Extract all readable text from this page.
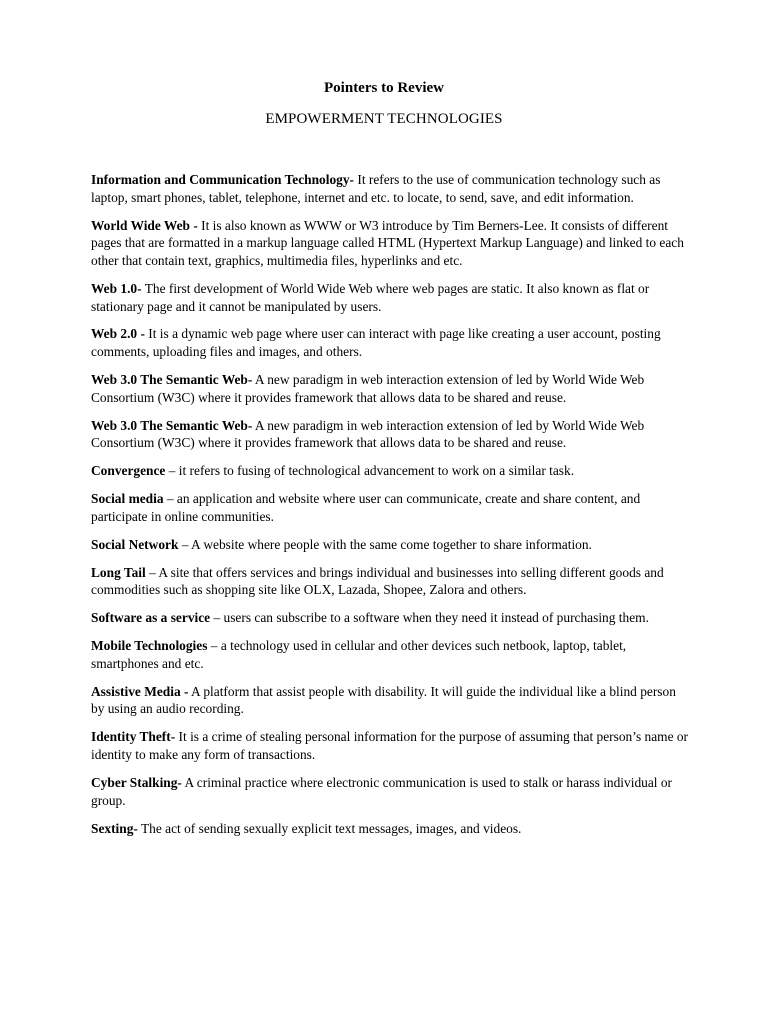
Pointers to Review
EMPOWERMENT TECHNOLOGIES

Information and Communication Technology- It refers to the use of communication technology such as laptop, smart phones, tablet, telephone, internet and etc. to locate, to send, save, and edit information.

World Wide Web - It is also known as WWW or W3 introduce by Tim Berners-Lee. It consists of different pages that are formatted in a markup language called HTML (Hypertext Markup Language) and linked to each other that contain text, graphics, multimedia files, hyperlinks and etc.

Web 1.0- The first development of World Wide Web where web pages are static. It also known as flat or stationary page and it cannot be manipulated by users.

Web 2.0 - It is a dynamic web page where user can interact with page like creating a user account, posting comments, uploading files and images, and others.

Web 3.0 The Semantic Web- A new paradigm in web interaction extension of led by World Wide Web Consortium (W3C) where it provides framework that allows data to be shared and reuse.

Web 3.0 The Semantic Web- A new paradigm in web interaction extension of led by World Wide Web Consortium (W3C) where it provides framework that allows data to be shared and reuse.

Convergence – it refers to fusing of technological advancement to work on a similar task.

Social media – an application and website where user can communicate, create and share content, and participate in online communities.

Social Network – A website where people with the same come together to share information.

Long Tail – A site that offers services and brings individual and businesses into selling different goods and commodities such as shopping site like OLX, Lazada, Shopee, Zalora and others.

Software as a service – users can subscribe to a software when they need it instead of purchasing them.

Mobile Technologies – a technology used in cellular and other devices such netbook, laptop, tablet, smartphones and etc.

Assistive Media - A platform that assist people with disability. It will guide the individual like a blind person by using an audio recording.

Identity Theft- It is a crime of stealing personal information for the purpose of assuming that person’s name or identity to make any form of transactions.

Cyber Stalking- A criminal practice where electronic communication is used to stalk or harass individual or group.

Sexting- The act of sending sexually explicit text messages, images, and videos.
